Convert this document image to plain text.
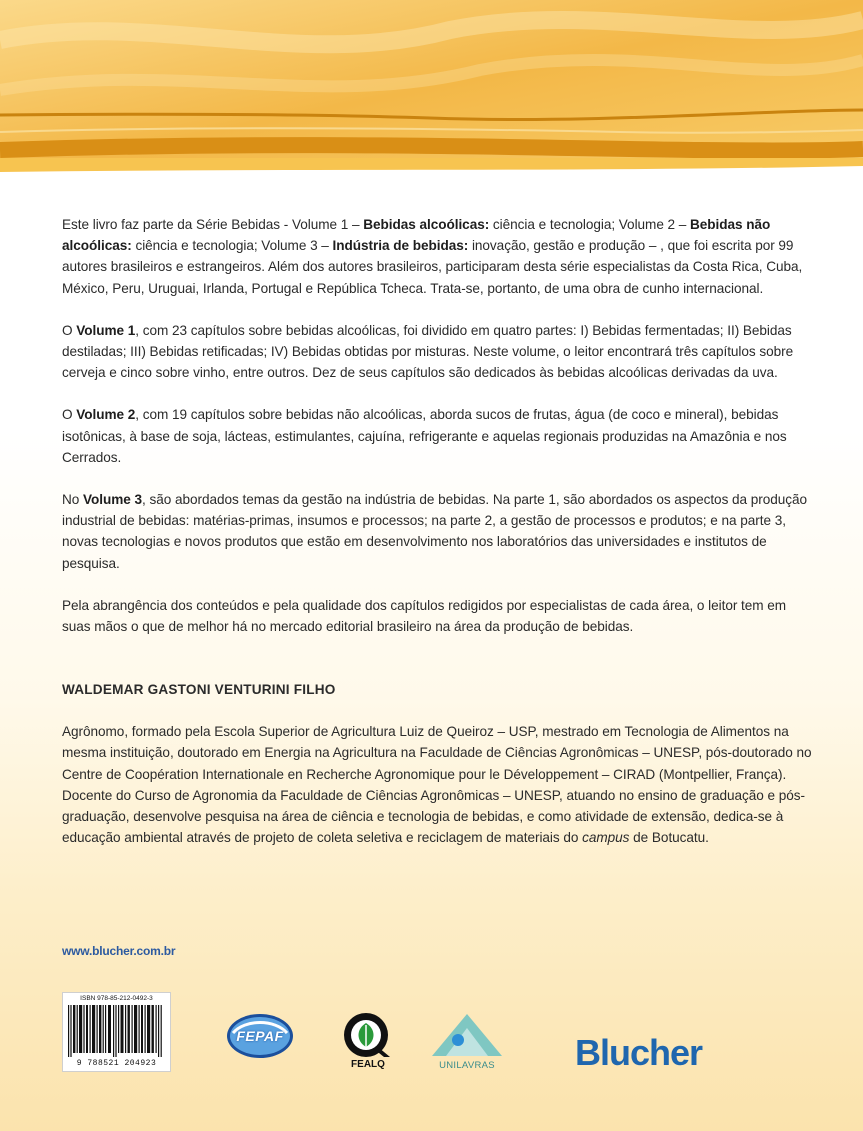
Este livro faz parte da Série Bebidas - Volume 1 – Bebidas alcoólicas: ciência e tecnologia; Volume 2 – Bebidas não alcoólicas: ciência e tecnologia; Volume 3 – Indústria de bebidas: inovação, gestão e produção – , que foi escrita por 99 autores brasileiros e estrangeiros. Além dos autores brasileiros, participaram desta série especialistas da Costa Rica, Cuba, México, Peru, Uruguai, Irlanda, Portugal e República Tcheca. Trata-se, portanto, de uma obra de cunho internacional.

O Volume 1, com 23 capítulos sobre bebidas alcoólicas, foi dividido em quatro partes: I) Bebidas fermentadas; II) Bebidas destiladas; III) Bebidas retificadas; IV) Bebidas obtidas por misturas. Neste volume, o leitor encontrará três capítulos sobre cerveja e cinco sobre vinho, entre outros. Dez de seus capítulos são dedicados às bebidas alcoólicas derivadas da uva.

O Volume 2, com 19 capítulos sobre bebidas não alcoólicas, aborda sucos de frutas, água (de coco e mineral), bebidas isotônicas, à base de soja, lácteas, estimulantes, cajuína, refrigerante e aquelas regionais produzidas na Amazônia e nos Cerrados.

No Volume 3, são abordados temas da gestão na indústria de bebidas. Na parte 1, são abordados os aspectos da produção industrial de bebidas: matérias-primas, insumos e processos; na parte 2, a gestão de processos e produtos; e na parte 3, novas tecnologias e novos produtos que estão em desenvolvimento nos laboratórios das universidades e institutos de pesquisa.

Pela abrangência dos conteúdos e pela qualidade dos capítulos redigidos por especialistas de cada área, o leitor tem em suas mãos o que de melhor há no mercado editorial brasileiro na área da produção de bebidas.

WALDEMAR GASTONI VENTURINI FILHO

Agrônomo, formado pela Escola Superior de Agricultura Luiz de Queiroz – USP, mestrado em Tecnologia de Alimentos na mesma instituição, doutorado em Energia na Agricultura na Faculdade de Ciências Agronômicas – UNESP, pós-doutorado no Centre de Coopération Internationale en Recherche Agronomique pour le Développement – CIRAD (Montpellier, França). Docente do Curso de Agronomia da Faculdade de Ciências Agronômicas – UNESP, atuando no ensino de graduação e pós-graduação, desenvolve pesquisa na área de ciência e tecnologia de bebidas, e como atividade de extensão, dedica-se à educação ambiental através de projeto de coleta seletiva e reciclagem de materiais do campus de Botucatu.

www.blucher.com.br
ISBN 978-85-212-0492-3
9 788521 204923
FEPAF
FEALQ	UNILAVRAS	Blucher
